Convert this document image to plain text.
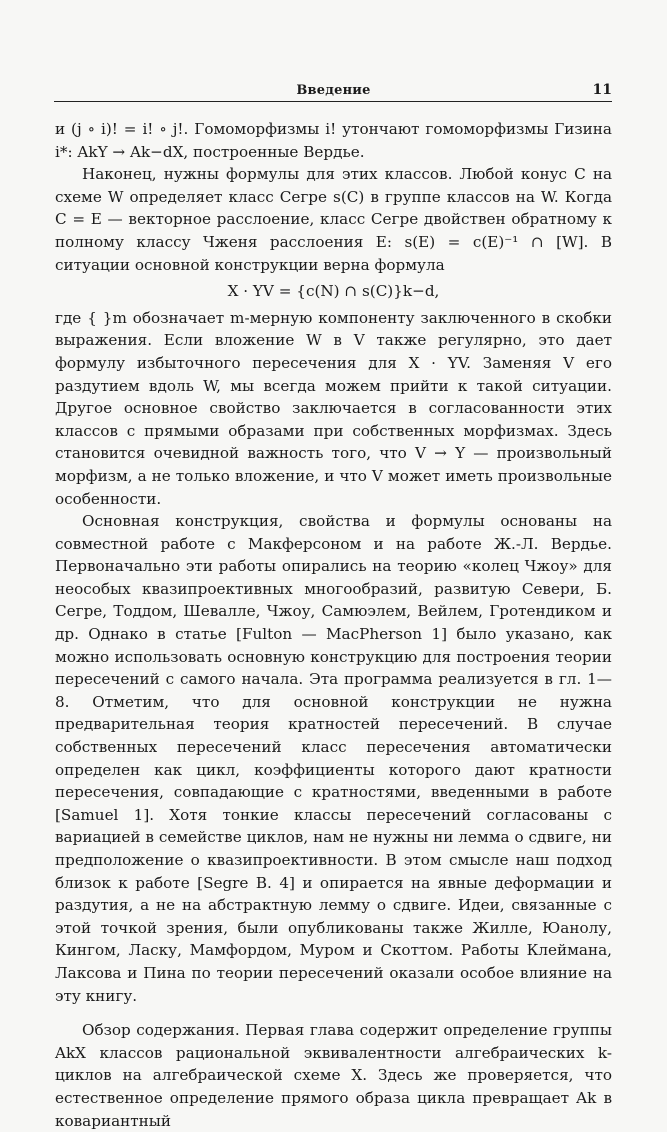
Введение	11

и (j ∘ i)! = i! ∘ j!. Гомоморфизмы i! утончают гомоморфизмы Гизина i*: AkY → Ak−dX, построенные Вердье.

Наконец, нужны формулы для этих классов. Любой конус C на схеме W определяет класс Сегре s(C) в группе классов на W. Когда C = E — векторное расслоение, класс Сегре двойствен обратному к полному классу Чженя расслоения E: s(E) = c(E)⁻¹ ∩ [W]. В ситуации основной конструкции верна формула

X · YV = {c(N) ∩ s(C)}k−d,

где { }m обозначает m-мерную компоненту заключенного в скобки выражения. Если вложение W в V также регулярно, это дает формулу избыточного пересечения для X · YV. Заменяя V его раздутием вдоль W, мы всегда можем прийти к такой ситуации. Другое основное свойство заключается в согласованности этих классов с прямыми образами при собственных морфизмах. Здесь становится очевидной важность того, что V → Y — произвольный морфизм, а не только вложение, и что V может иметь произвольные особенности.

Основная конструкция, свойства и формулы основаны на совместной работе с Макферсоном и на работе Ж.-Л. Вердье. Первоначально эти работы опирались на теорию «колец Чжоу» для неособых квазипроективных многообразий, развитую Севери, Б. Сегре, Тоддом, Шевалле, Чжоу, Самюэлем, Вейлем, Гротендиком и др. Однако в статье [Fulton — MacPherson 1] было указано, как можно использовать основную конструкцию для построения теории пересечений с самого начала. Эта программа реализуется в гл. 1—8. Отметим, что для основной конструкции не нужна предварительная теория кратностей пересечений. В случае собственных пересечений класс пересечения автоматически определен как цикл, коэффициенты которого дают кратности пересечения, совпадающие с кратностями, введенными в работе [Samuel 1]. Хотя тонкие классы пересечений согласованы с вариацией в семействе циклов, нам не нужны ни лемма о сдвиге, ни предположение о квазипроективности. В этом смысле наш подход близок к работе [Segre B. 4] и опирается на явные деформации и раздутия, а не на абстрактную лемму о сдвиге. Идеи, связанные с этой точкой зрения, были опубликованы также Жилле, Юанолу, Кингом, Ласку, Мамфордом, Муром и Скоттом. Работы Клеймана, Лаксова и Пина по теории пересечений оказали особое влияние на эту книгу.

Обзор содержания. Первая глава содержит определение группы AkX классов рациональной эквивалентности алгебраических k-циклов на алгебраической схеме X. Здесь же проверяется, что естественное определение прямого образа цикла превращает Ak в ковариантный
